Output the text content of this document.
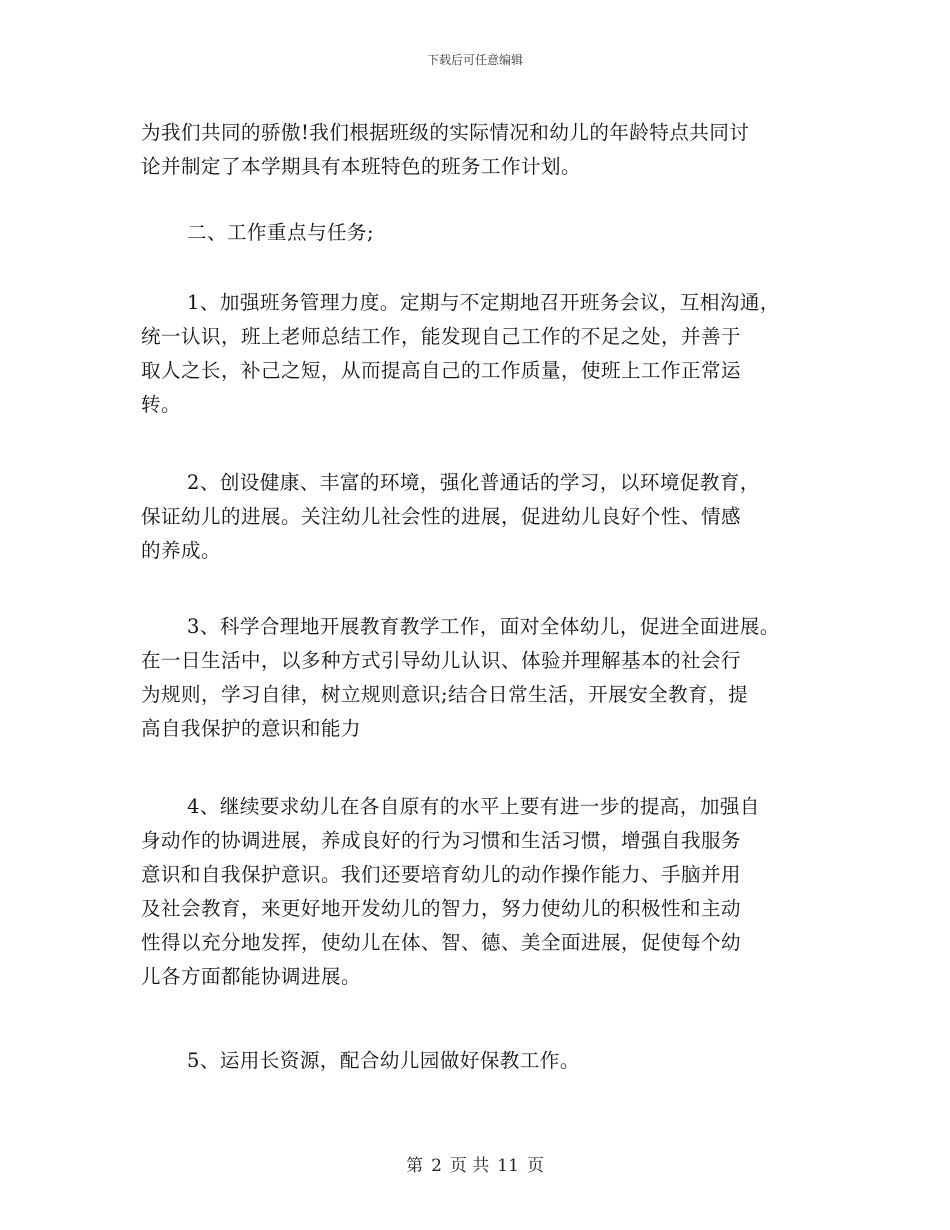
下载后可任意编辑
为我们共同的骄傲!我们根据班级的实际情况和幼儿的年龄特点共同讨
论并制定了本学期具有本班特色的班务工作计划。
二、工作重点与任务;
1、加强班务管理力度。定期与不定期地召开班务会议，互相沟通，
统一认识，班上老师总结工作，能发现自己工作的不足之处，并善于
取人之长，补己之短，从而提高自己的工作质量，使班上工作正常运
转。
2、创设健康、丰富的环境，强化普通话的学习，以环境促教育，
保证幼儿的进展。关注幼儿社会性的进展，促进幼儿良好个性、情感
的养成。
3、科学合理地开展教育教学工作，面对全体幼儿，促进全面进展。
在一日生活中，以多种方式引导幼儿认识、体验并理解基本的社会行
为规则，学习自律，树立规则意识;结合日常生活，开展安全教育，提
高自我保护的意识和能力
4、继续要求幼儿在各自原有的水平上要有进一步的提高，加强自
身动作的协调进展，养成良好的行为习惯和生活习惯，增强自我服务
意识和自我保护意识。我们还要培育幼儿的动作操作能力、手脑并用
及社会教育，来更好地开发幼儿的智力，努力使幼儿的积极性和主动
性得以充分地发挥，使幼儿在体、智、德、美全面进展，促使每个幼
儿各方面都能协调进展。
5、运用长资源，配合幼儿园做好保教工作。
第 2 页 共 11 页
